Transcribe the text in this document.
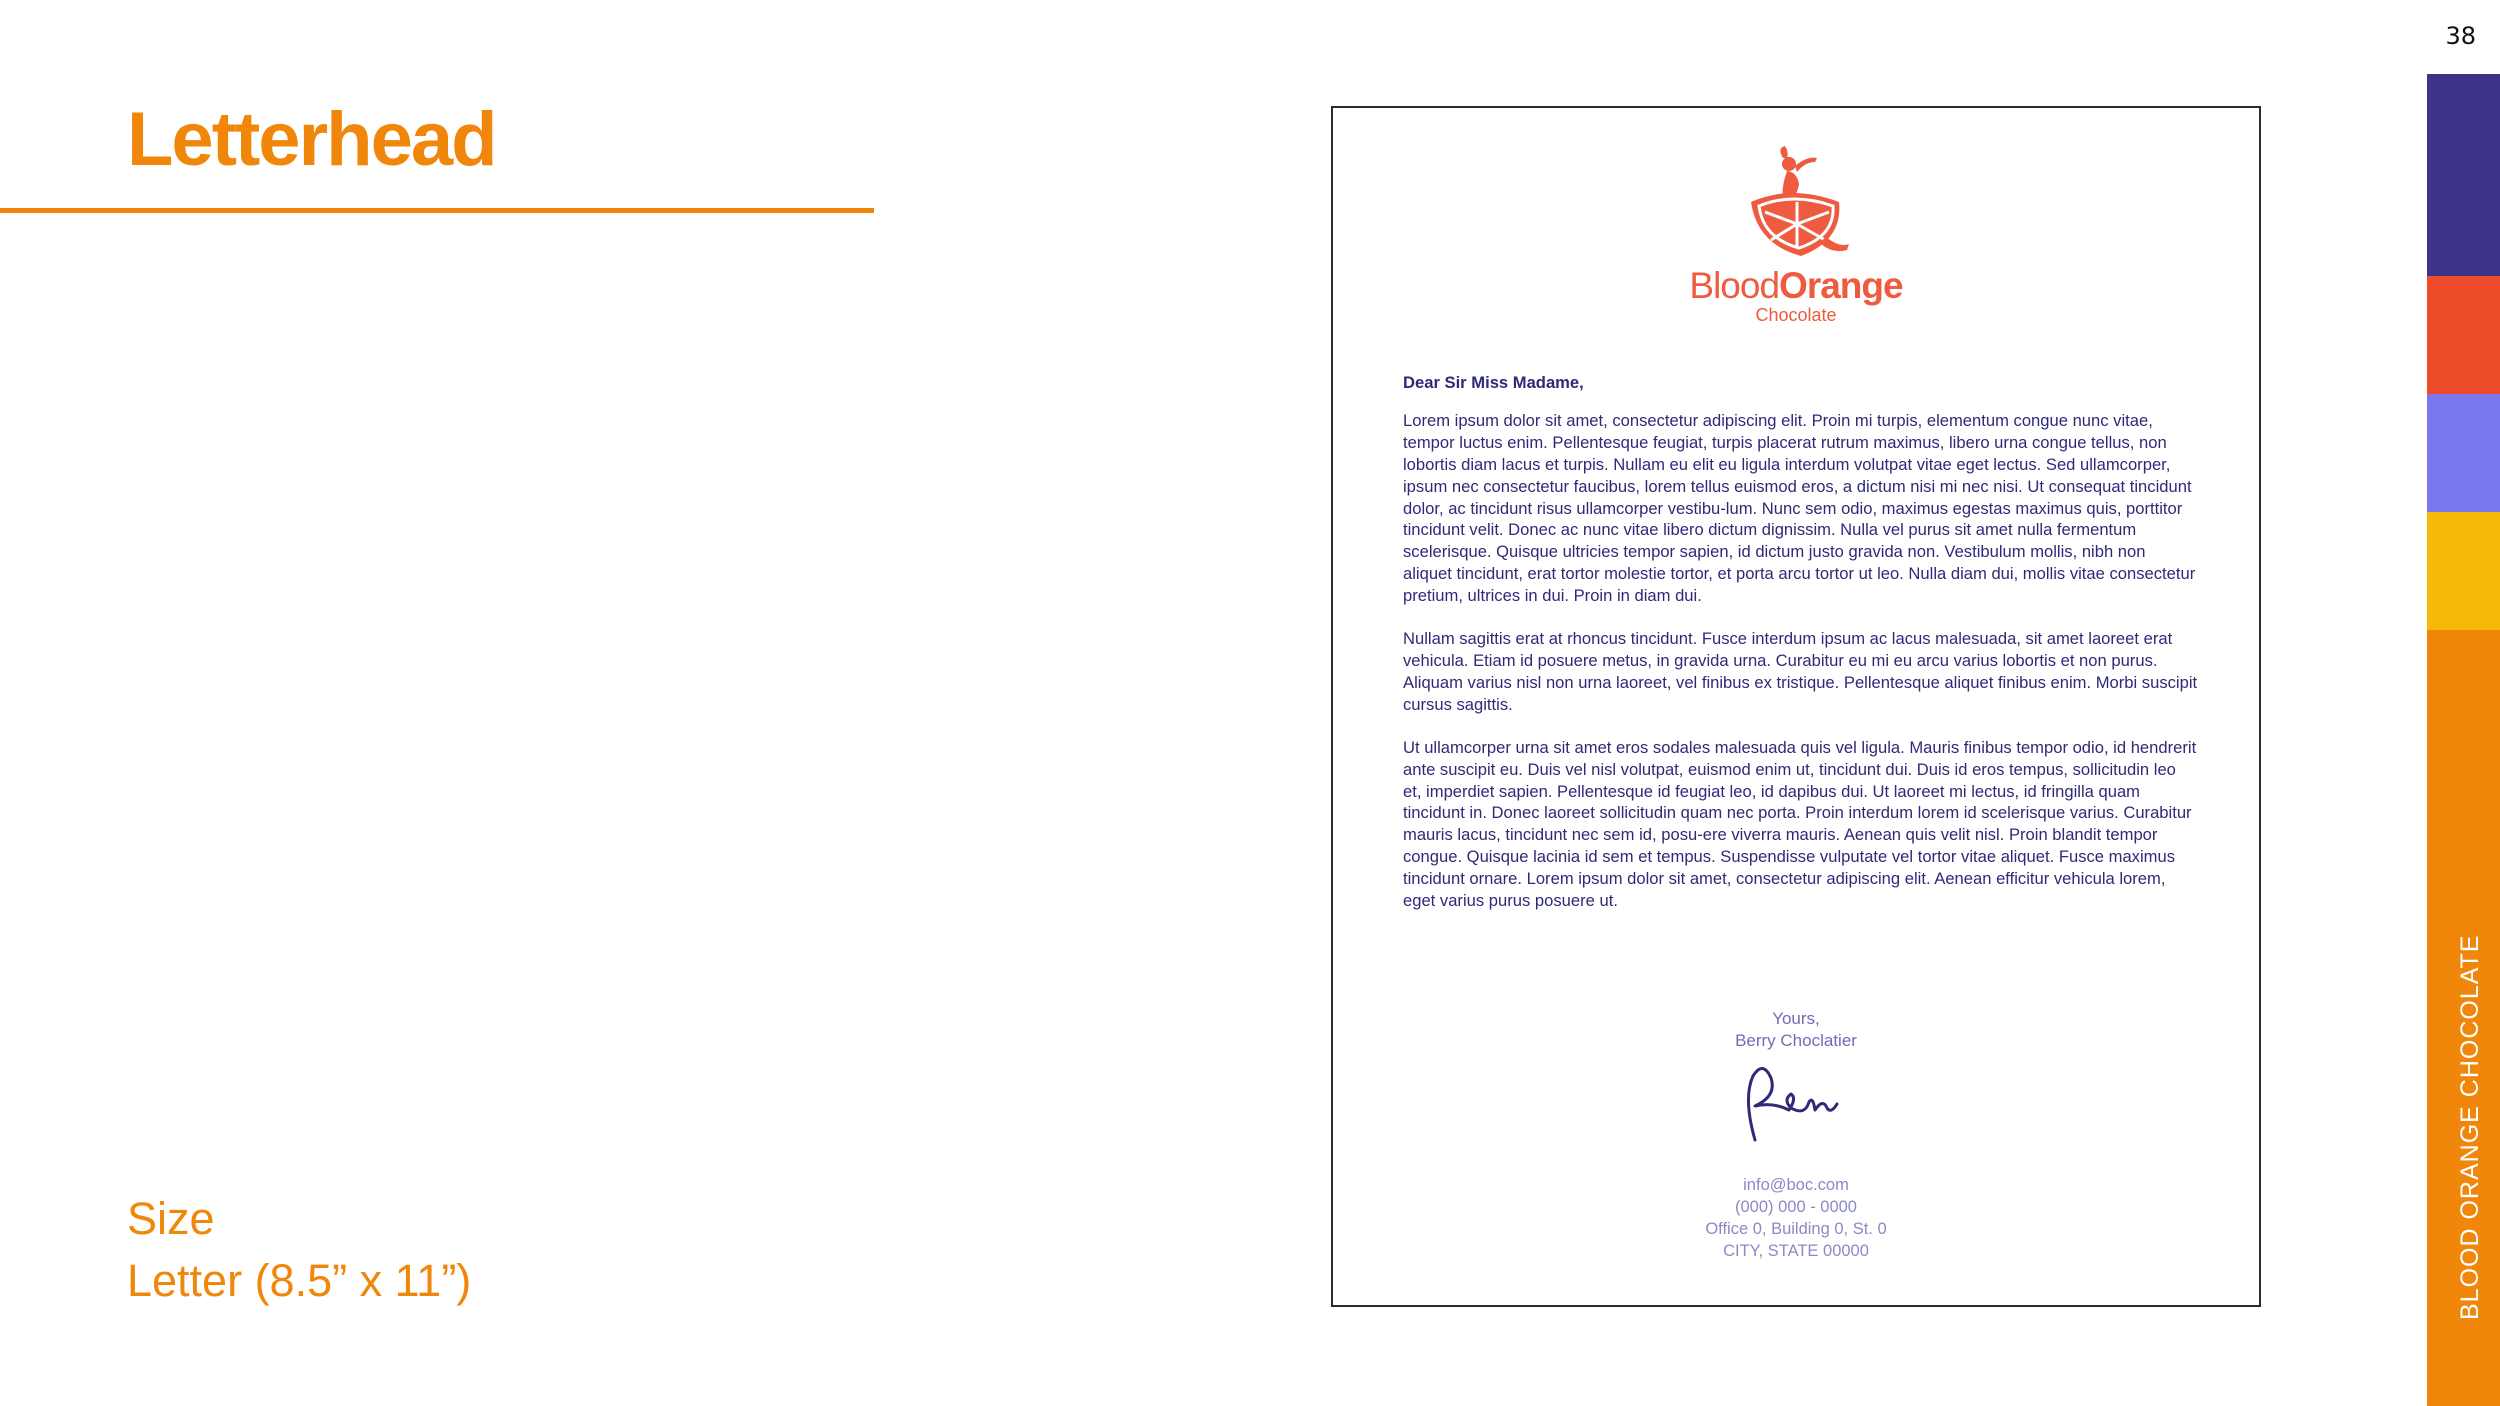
38
Letterhead
Size
Letter (8.5” x 11”)
BloodOrange
Chocolate
Dear Sir Miss Madame,

Lorem ipsum dolor sit amet, consectetur adipiscing elit. Proin mi turpis, elementum congue nunc vitae, tempor luctus enim. Pellentesque feugiat, turpis placerat rutrum maximus, libero urna congue tellus, non lobortis diam lacus et turpis. Nullam eu elit eu ligula interdum volutpat vitae eget lectus. Sed ullamcorper, ipsum nec consectetur faucibus, lorem tellus euismod eros, a dictum nisi mi nec nisi. Ut consequat tincidunt dolor, ac tincidunt risus ullamcorper vestibu-lum. Nunc sem odio, maximus egestas maximus quis, porttitor tincidunt velit. Donec ac nunc vitae libero dictum dignissim. Nulla vel purus sit amet nulla fermentum scelerisque. Quisque ultricies tempor sapien, id dictum justo gravida non. Vestibulum mollis, nibh non aliquet tincidunt, erat tortor molestie tortor, et porta arcu tortor ut leo. Nulla diam dui, mollis vitae consectetur pretium, ultrices in dui. Proin in diam dui.

Nullam sagittis erat at rhoncus tincidunt. Fusce interdum ipsum ac lacus malesuada, sit amet laoreet erat vehicula. Etiam id posuere metus, in gravida urna. Curabitur eu mi eu arcu varius lobortis et non purus. Aliquam varius nisl non urna laoreet, vel finibus ex tristique. Pellentesque aliquet finibus enim. Morbi suscipit cursus sagittis.

Ut ullamcorper urna sit amet eros sodales malesuada quis vel ligula. Mauris finibus tempor odio, id hendrerit ante suscipit eu. Duis vel nisl volutpat, euismod enim ut, tincidunt dui. Duis id eros tempus, sollicitudin leo et, imperdiet sapien. Pellentesque id feugiat leo, id dapibus dui. Ut laoreet mi lectus, id fringilla quam tincidunt in. Donec laoreet sollicitudin quam nec porta. Proin interdum lorem id scelerisque varius. Curabitur mauris lacus, tincidunt nec sem id, posu-ere viverra mauris. Aenean quis velit nisl. Proin blandit tempor congue. Quisque lacinia id sem et tempus. Suspendisse vulputate vel tortor vitae aliquet. Fusce maximus tincidunt ornare. Lorem ipsum dolor sit amet, consectetur adipiscing elit. Aenean efficitur vehicula lorem, eget varius purus posuere ut.

Yours,
Berry Choclatier
info@boc.com
(000) 000 - 0000
Office 0, Building 0, St. 0
CITY, STATE 00000	BLOOD ORANGE CHOCOLATE
